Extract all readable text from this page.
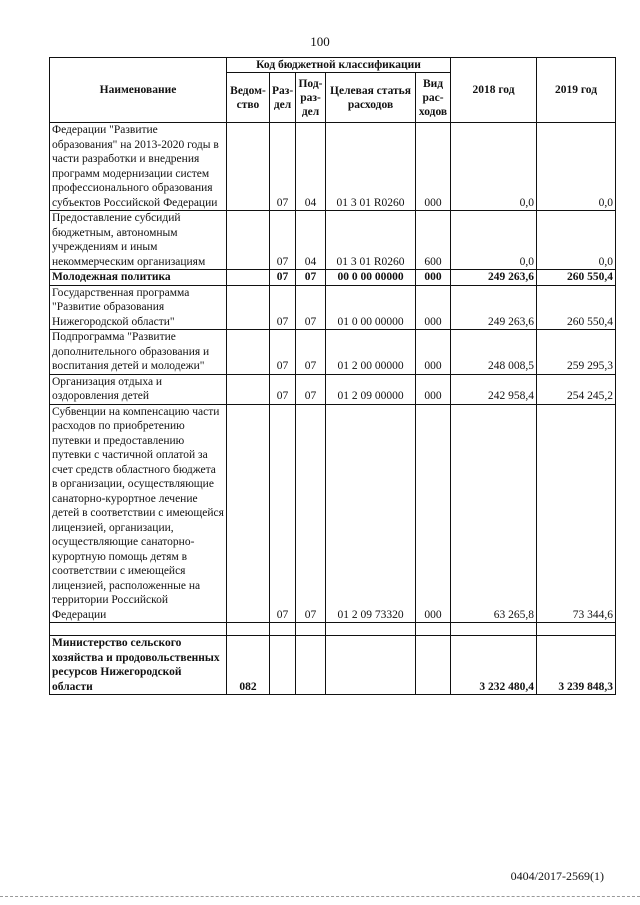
100
Наименование	Код бюджетной классификации					2018 год	2019 год
	Ведом-ство	Раз-дел	Под-раз-дел	Целевая статья расходов	Вид рас-ходов		
Федерации "Развитие образования" на 2013-2020 годы в части разработки и внедрения программ модернизации систем профессионального образования субъектов Российской Федерации		07	04	01 3 01 R0260	000	0,0	0,0
Предоставление субсидий бюджетным, автономным учреждениям и иным некоммерческим организациям		07	04	01 3 01 R0260	600	0,0	0,0
Молодежная политика		07	07	00 0 00 00000	000	249 263,6	260 550,4
Государственная программа "Развитие образования Нижегородской области"		07	07	01 0 00 00000	000	249 263,6	260 550,4
Подпрограмма "Развитие дополнительного образования и воспитания детей и молодежи"		07	07	01 2 00 00000	000	248 008,5	259 295,3
Организация отдыха и оздоровления детей		07	07	01 2 09 00000	000	242 958,4	254 245,2
Субвенции на компенсацию части расходов по приобретению путевки и предоставлению путевки с частичной оплатой за счет средств областного бюджета в организации, осуществляющие санаторно-курортное лечение детей в соответствии с имеющейся лицензией, организации, осуществляющие санаторно-курортную помощь детям в соответствии с имеющейся лицензией, расположенные на территории Российской Федерации		07	07	01 2 09 73320	000	63 265,8	73 344,6

Министерство сельского хозяйства и продовольственных ресурсов Нижегородской области	082					3 232 480,4	3 239 848,3
0404/2017-2569(1)
